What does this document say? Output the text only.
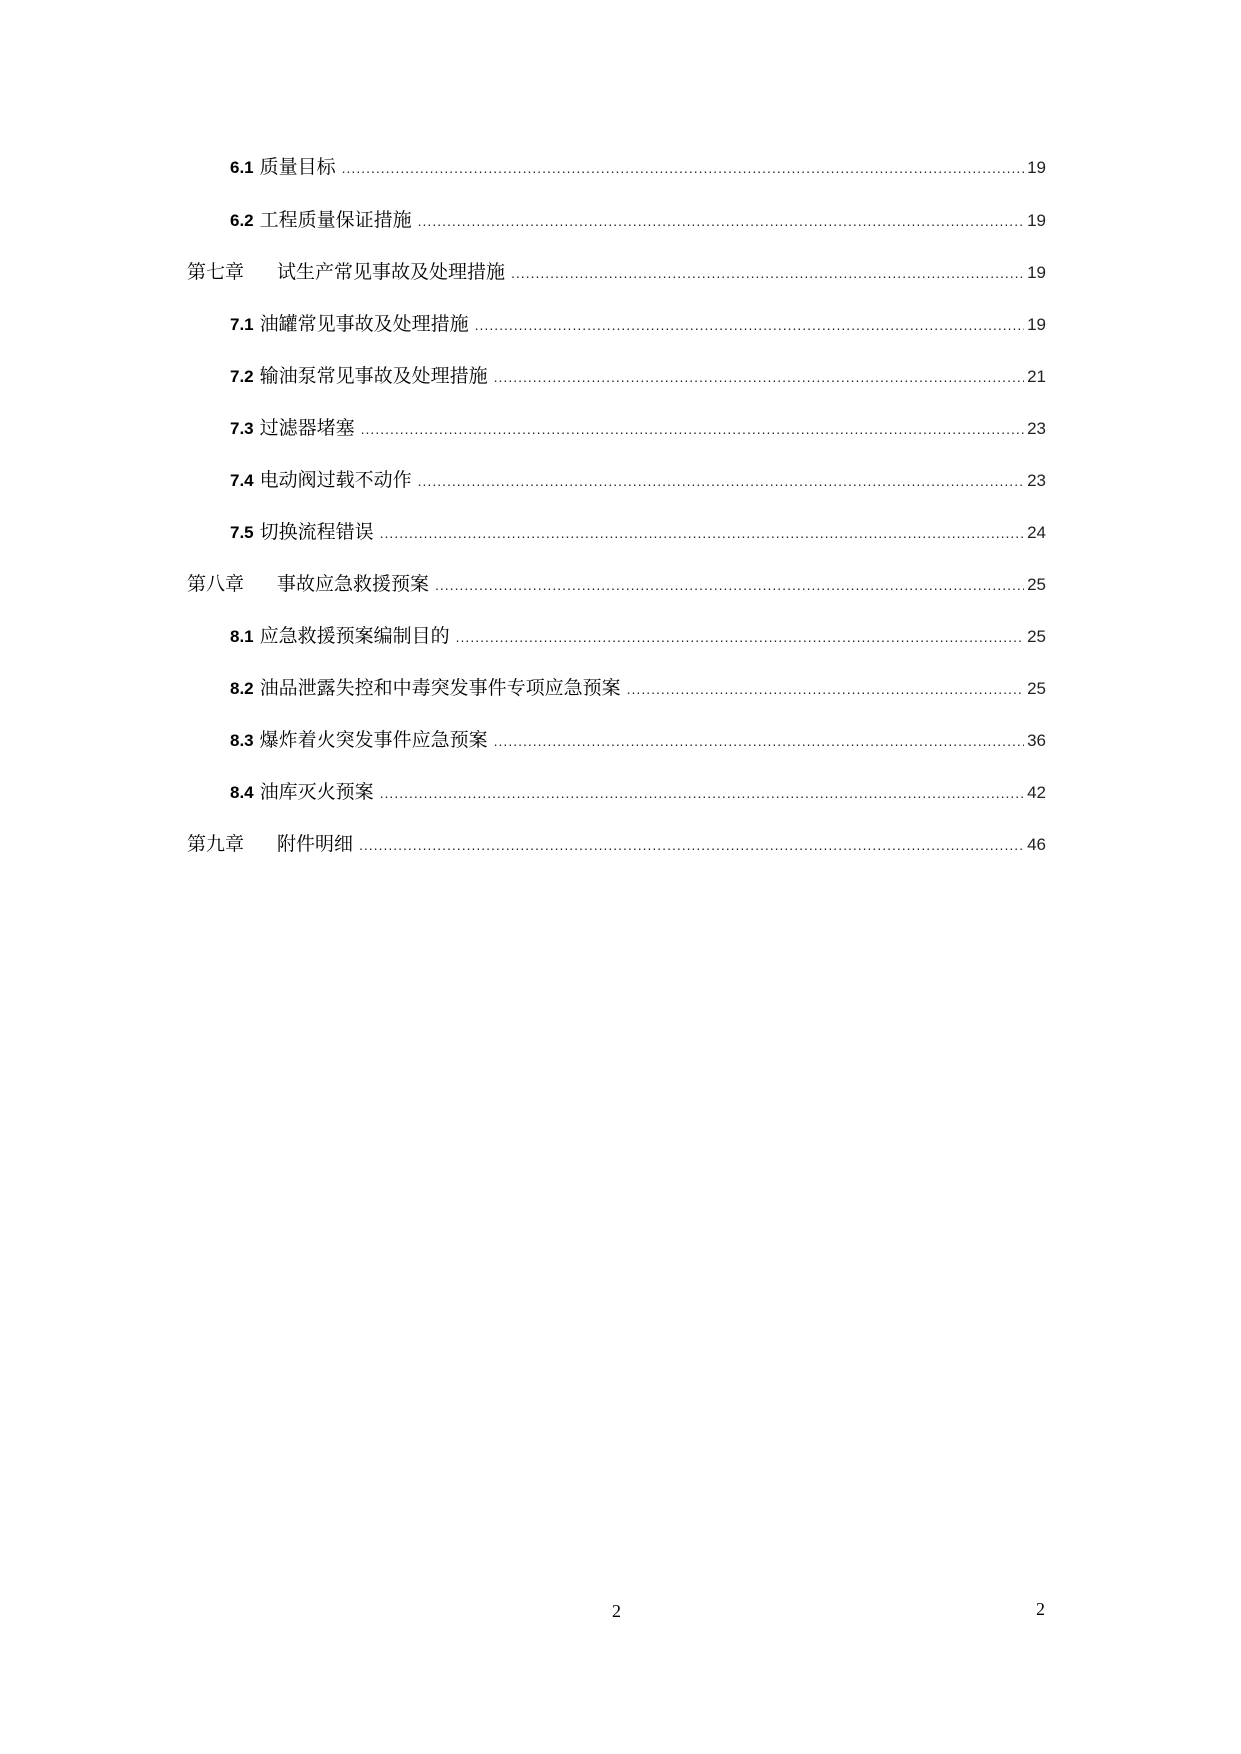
6.1 质量目标 .....	19
6.2 工程质量保证措施 .....	19
第七章	试生产常见事故及处理措施 .....	19
7.1 油罐常见事故及处理措施 .....	19
7.2 输油泵常见事故及处理措施 .....	21
7.3 过滤器堵塞 .....	23
7.4 电动阀过载不动作 .....	23
7.5 切换流程错误 .....	24
第八章	事故应急救援预案 .....	25
8.1 应急救援预案编制目的 .....	25
8.2 油品泄露失控和中毒突发事件专项应急预案 .....	25
8.3 爆炸着火突发事件应急预案 .....	36
8.4 油库灭火预案 .....	42
第九章	附件明细 .....	46
2	2
